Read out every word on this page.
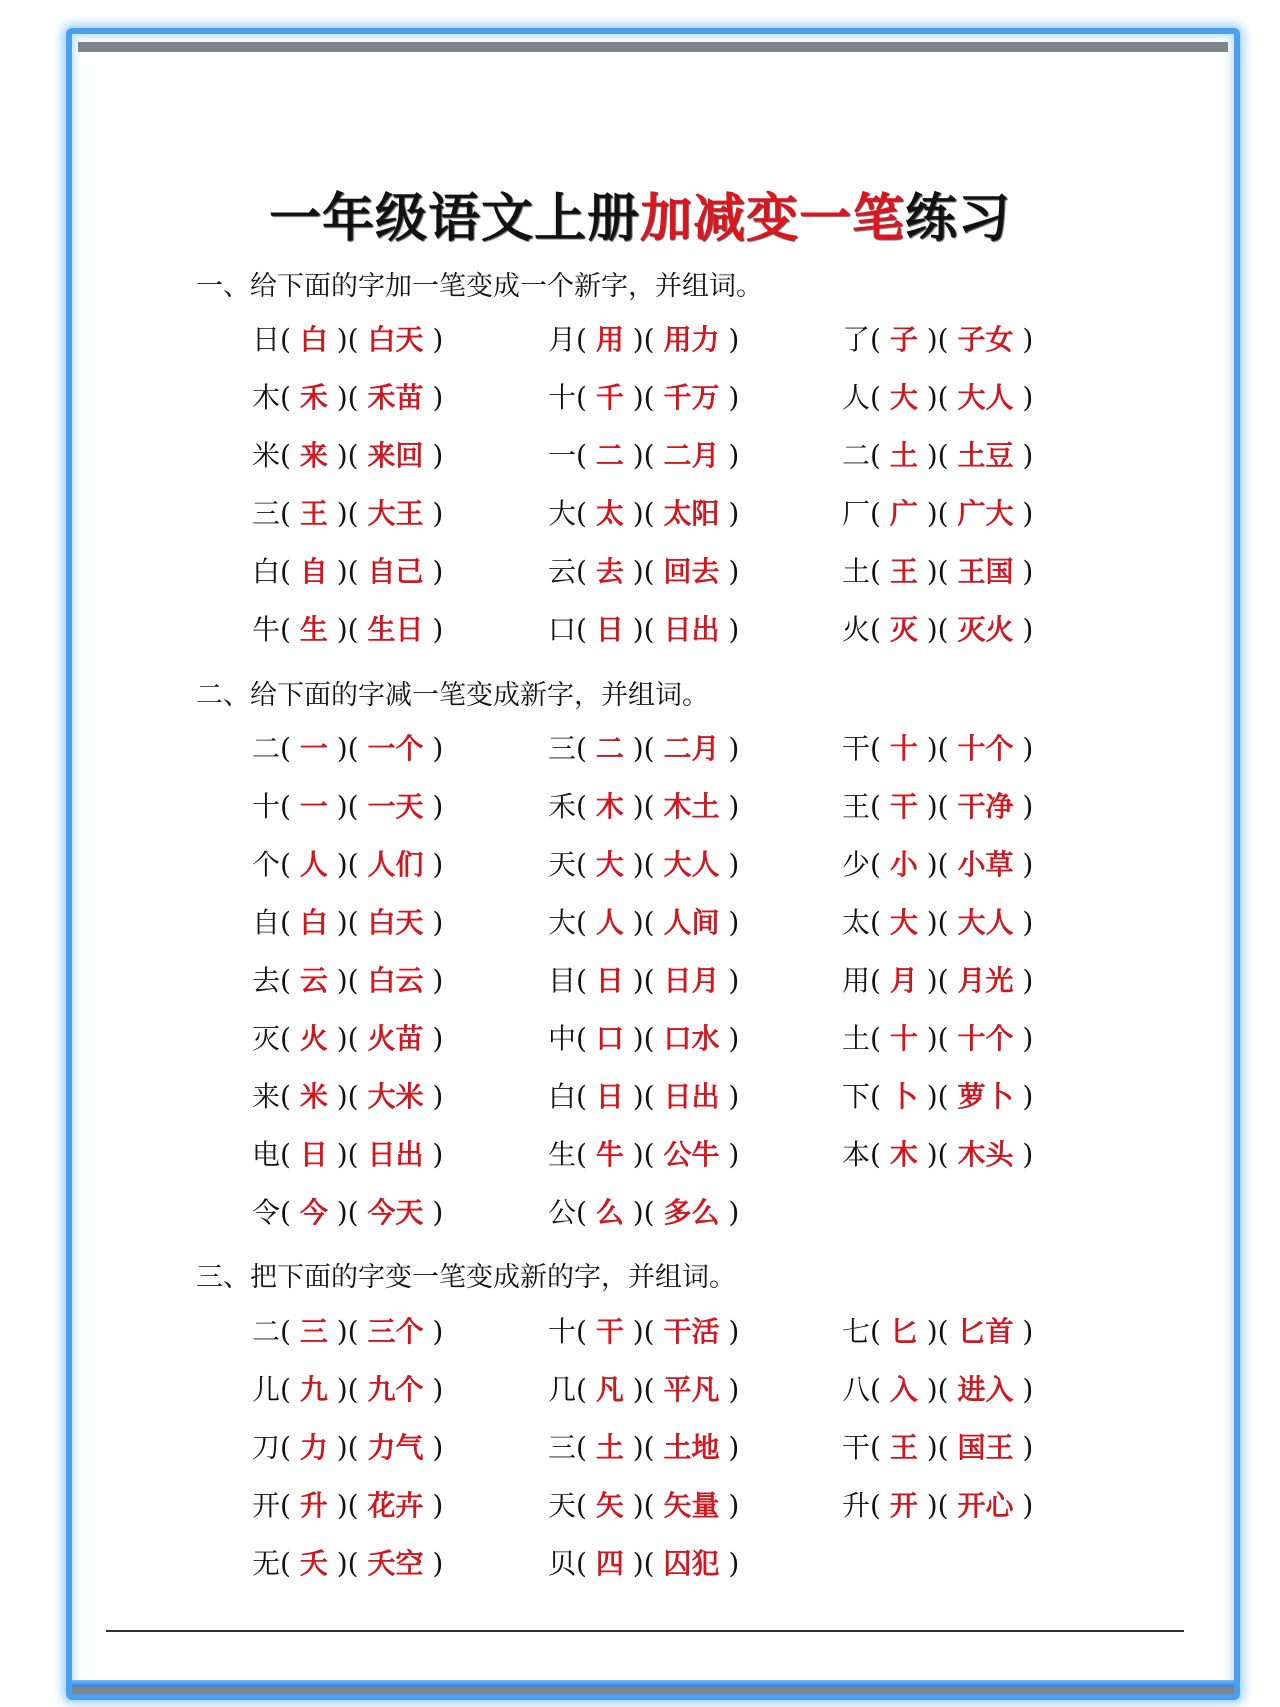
一年级语文上册加减变一笔练习
一、给下面的字加一笔变成一个新字，并组词。
日( 白 )( 白天 )	月( 用 )( 用力 )	了( 子 )( 子女 )
木( 禾 )( 禾苗 )	十( 千 )( 千万 )	人( 大 )( 大人 )
米( 来 )( 来回 )	一( 二 )( 二月 )	二( 土 )( 土豆 )
三( 王 )( 大王 )	大( 太 )( 太阳 )	厂( 广 )( 广大 )
白( 自 )( 自己 )	云( 去 )( 回去 )	土( 王 )( 王国 )
牛( 生 )( 生日 )	口( 日 )( 日出 )	火( 灭 )( 灭火 )
二、给下面的字减一笔变成新字，并组词。
二( 一 )( 一个 )	三( 二 )( 二月 )	干( 十 )( 十个 )
十( 一 )( 一天 )	禾( 木 )( 木土 )	王( 干 )( 干净 )
个( 人 )( 人们 )	天( 大 )( 大人 )	少( 小 )( 小草 )
自( 白 )( 白天 )	大( 人 )( 人间 )	太( 大 )( 大人 )
去( 云 )( 白云 )	目( 日 )( 日月 )	用( 月 )( 月光 )
灭( 火 )( 火苗 )	中( 口 )( 口水 )	土( 十 )( 十个 )
来( 米 )( 大米 )	白( 日 )( 日出 )	下( 卜 )( 萝卜 )
电( 日 )( 日出 )	生( 牛 )( 公牛 )	本( 木 )( 木头 )
令( 今 )( 今天 )	公( 么 )( 多么 )
三、把下面的字变一笔变成新的字，并组词。
二( 三 )( 三个 )	十( 干 )( 干活 )	七( 匕 )( 匕首 )
儿( 九 )( 九个 )	几( 凡 )( 平凡 )	八( 入 )( 进入 )
刀( 力 )( 力气 )	三( 土 )( 土地 )	干( 王 )( 国王 )
开( 升 )( 花卉 )	天( 矢 )( 矢量 )	升( 开 )( 开心 )
无( 夭 )( 夭空 )	贝( 四 )( 囚犯 )
